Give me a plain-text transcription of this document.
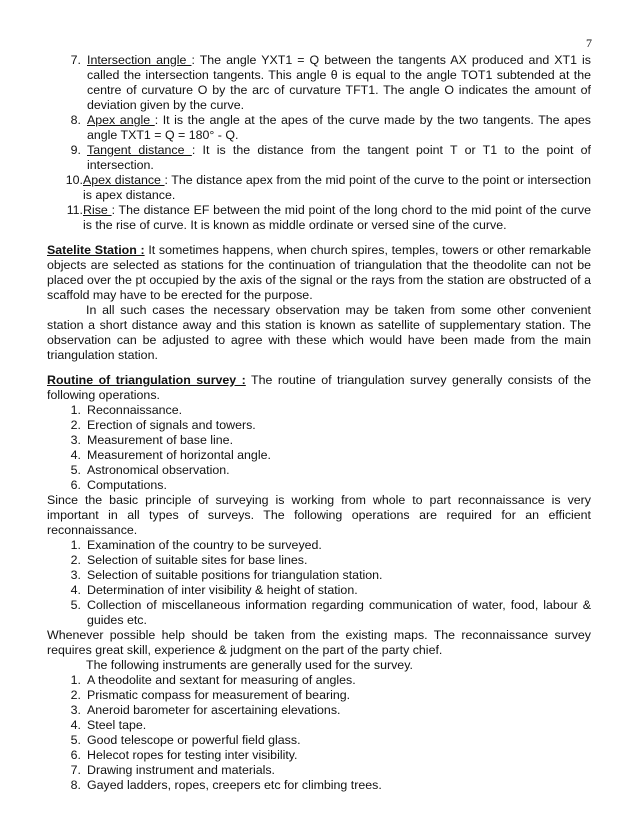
7
7. Intersection angle : The angle YXT1 = Q between the tangents AX produced and XT1 is called the intersection tangents. This angle θ is equal to the angle TOT1 subtended at the centre of curvature O by the arc of curvature TFT1. The angle O indicates the amount of deviation given by the curve.
8. Apex angle : It is the angle at the apes of the curve made by the two tangents. The apes angle TXT1 = Q = 180° - Q.
9. Tangent distance : It is the distance from the tangent point T or T1 to the point of intersection.
10. Apex distance : The distance apex from the mid point of the curve to the point or intersection is apex distance.
11. Rise : The distance EF between the mid point of the long chord to the mid point of the curve is the rise of curve. It is known as middle ordinate or versed sine of the curve.

Satelite Station : It sometimes happens, when church spires, temples, towers or other remarkable objects are selected as stations for the continuation of triangulation that the theodolite can not be placed over the pt occupied by the axis of the signal or the rays from the station are obstructed of a scaffold may have to be erected for the purpose.

In all such cases the necessary observation may be taken from some other convenient station a short distance away and this station is known as satellite of supplementary station. The observation can be adjusted to agree with these which would have been made from the main triangulation station.

Routine of triangulation survey : The routine of triangulation survey generally consists of the following operations.

1. Reconnaissance.
2. Erection of signals and towers.
3. Measurement of base line.
4. Measurement of horizontal angle.
5. Astronomical observation.
6. Computations.

Since the basic principle of surveying is working from whole to part reconnaissance is very important in all types of surveys. The following operations are required for an efficient reconnaissance.

1. Examination of the country to be surveyed.
2. Selection of suitable sites for base lines.
3. Selection of suitable positions for triangulation station.
4. Determination of inter visibility & height of station.
5. Collection of miscellaneous information regarding communication of water, food, labour & guides etc.

Whenever possible help should be taken from the existing maps. The reconnaissance survey requires great skill, experience & judgment on the part of the party chief.

The following instruments are generally used for the survey.

1. A theodolite and sextant for measuring of angles.
2. Prismatic compass for measurement of bearing.
3. Aneroid barometer for ascertaining elevations.
4. Steel tape.
5. Good telescope or powerful field glass.
6. Helecot ropes for testing inter visibility.
7. Drawing instrument and materials.
8. Gayed ladders, ropes, creepers etc for climbing trees.
